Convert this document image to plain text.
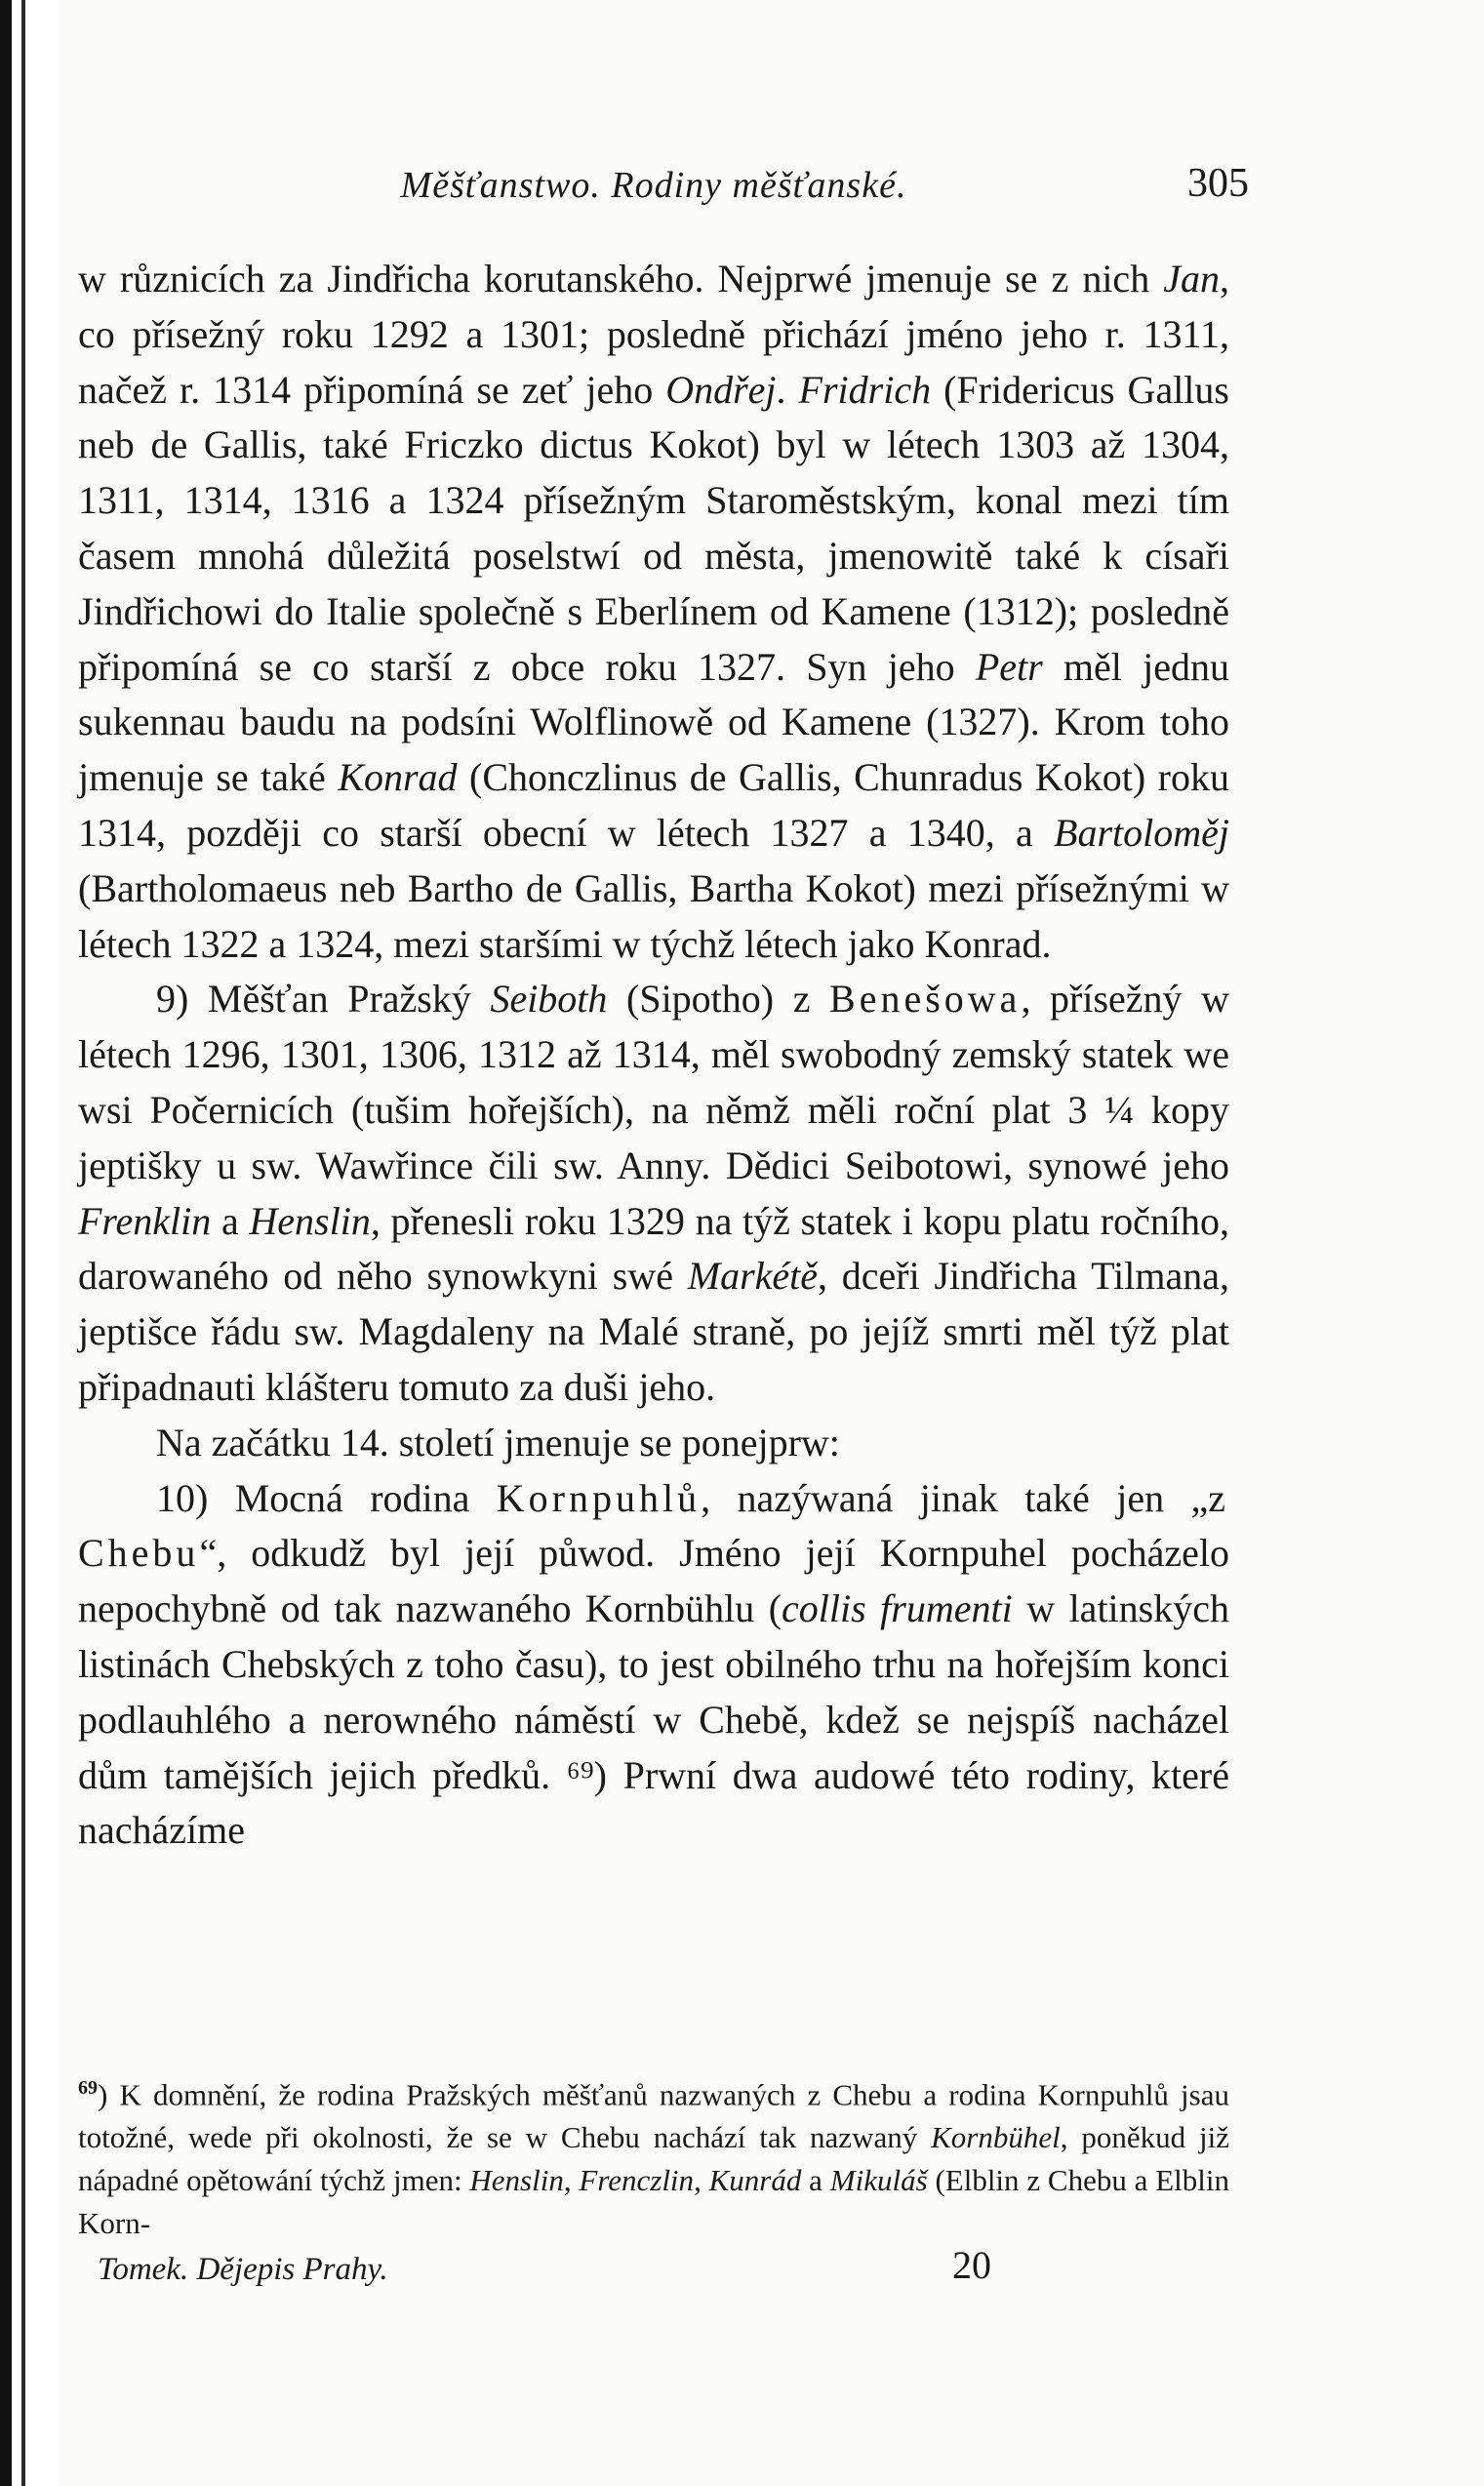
Měšťanstwo. Rodiny měšťanské.	305

w různicích za Jindřicha korutanského. Nejprwé jmenuje se z nich Jan, co přísežný roku 1292 a 1301; posledně přichází jméno jeho r. 1311, načež r. 1314 připomíná se zeť jeho Ondřej. Fridrich (Fridericus Gallus neb de Gallis, také Friczko dictus Kokot) byl w létech 1303 až 1304, 1311, 1314, 1316 a 1324 přísežným Staroměstským, konal mezi tím časem mnohá důležitá poselstwí od města, jmenowitě také k císaři Jindřichowi do Italie společně s Eberlínem od Kamene (1312); posledně připomíná se co starší z obce roku 1327. Syn jeho Petr měl jednu sukennau baudu na podsíni Wolflinowě od Kamene (1327). Krom toho jmenuje se také Konrad (Chonczlinus de Gallis, Chunradus Kokot) roku 1314, později co starší obecní w létech 1327 a 1340, a Bartoloměj (Bartholomaeus neb Bartho de Gallis, Bartha Kokot) mezi přísežnými w létech 1322 a 1324, mezi staršími w týchž létech jako Konrad.

9) Měšťan Pražský Seiboth (Sipotho) z Benešowa, přísežný w létech 1296, 1301, 1306, 1312 až 1314, měl swobodný zemský statek we wsi Počernicích (tušim hořejších), na němž měli roční plat 3 ¼ kopy jeptišky u sw. Wawřince čili sw. Anny. Dědici Seibotowi, synowé jeho Frenklin a Henslin, přenesli roku 1329 na týž statek i kopu platu ročního, darowaného od něho synowkyni swé Markétě, dceři Jindřicha Tilmana, jeptišce řádu sw. Magdaleny na Malé straně, po jejíž smrti měl týž plat připadnauti klášteru tomuto za duši jeho.

Na začátku 14. století jmenuje se ponejprw:

10) Mocná rodina Kornpuhlů, nazýwaná jinak také jen „z Chebu“, odkudž byl její půwod. Jméno její Kornpuhel pocházelo nepochybně od tak nazwaného Kornbühlu (collis frumenti w latinských listinách Chebských z toho času), to jest obilného trhu na hořejším konci podlauhlého a nerowného náměstí w Chebě, kdež se nejspíš nacházel dům tamějších jejich předků. ⁶⁹) Prwní dwa audowé této rodiny, které nacházíme

$^{69}$) K domnění, že rodina Pražských měšťanů nazwaných z Chebu a rodina Kornpuhlů jsau totožné, wede při okolnosti, že se w Chebu nachází tak nazwaný Kornbühel, poněkud již nápadné opětowání týchž jmen: Henslin, Frenczlin, Kunrád a Mikuláš (Elblin z Chebu a Elblin Korn-
Tomek. Dějepis Prahy.	20
